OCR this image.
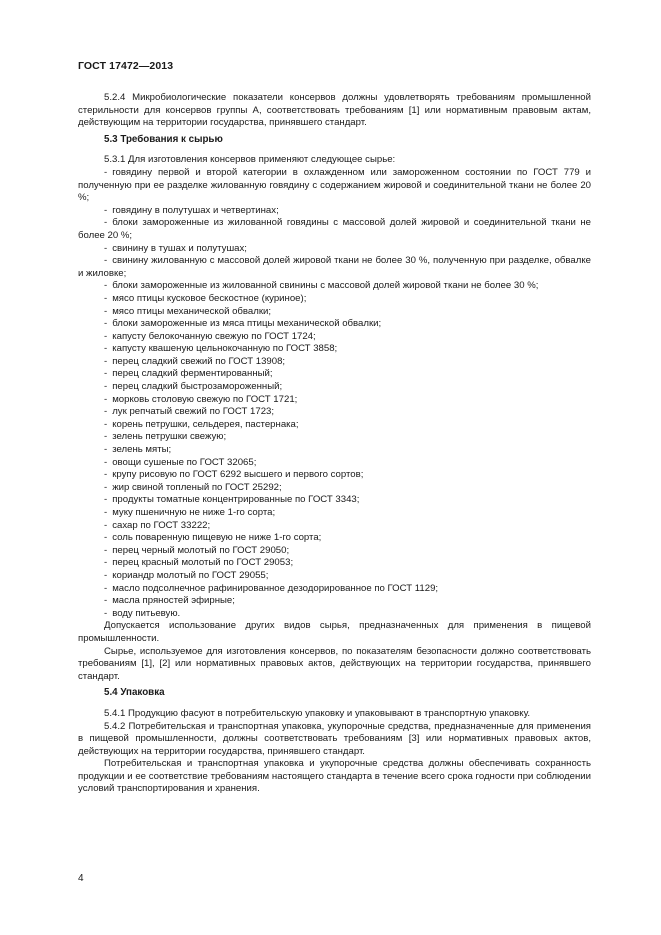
ГОСТ 17472—2013

5.2.4 Микробиологические показатели консервов должны удовлетворять требованиям промышленной стерильности для консервов группы А, соответствовать требованиям [1] или нормативным правовым актам, действующим на территории государства, принявшего стандарт.

5.3 Требования к сырью

5.3.1 Для изготовления консервов применяют следующее сырье:

- говядину первой и второй категории в охлажденном или замороженном состоянии по ГОСТ 779 и полученную при ее разделке жилованную говядину с содержанием жировой и соединительной ткани не более 20 %;

- говядину в полутушах и четвертинах;

- блоки замороженные из жилованной говядины с массовой долей жировой и соединительной ткани не более 20 %;

- свинину в тушах и полутушах;

- свинину жилованную с массовой долей жировой ткани не более 30 %, полученную при разделке, обвалке и жиловке;

- блоки замороженные из жилованной свинины с массовой долей жировой ткани не более 30 %;

- мясо птицы кусковое бескостное (куриное);

- мясо птицы механической обвалки;

- блоки замороженные из мяса птицы механической обвалки;

- капусту белокочанную свежую по ГОСТ 1724;

- капусту квашеную цельнокочанную по ГОСТ 3858;

- перец сладкий свежий по ГОСТ 13908;

- перец сладкий ферментированный;

- перец сладкий быстрозамороженный;

- морковь столовую свежую по ГОСТ 1721;

- лук репчатый свежий по ГОСТ 1723;

- корень петрушки, сельдерея, пастернака;

- зелень петрушки свежую;

- зелень мяты;

- овощи сушеные по ГОСТ 32065;

- крупу рисовую по ГОСТ 6292 высшего и первого сортов;

- жир свиной топленый по ГОСТ 25292;

- продукты томатные концентрированные по ГОСТ 3343;

- муку пшеничную не ниже 1-го сорта;

- сахар по ГОСТ 33222;

- соль поваренную пищевую не ниже 1-го сорта;

- перец черный молотый по ГОСТ 29050;

- перец красный молотый по ГОСТ 29053;

- кориандр молотый по ГОСТ 29055;

- масло подсолнечное рафинированное дезодорированное по ГОСТ 1129;

- масла пряностей эфирные;

- воду питьевую.

Допускается использование других видов сырья, предназначенных для применения в пищевой промышленности.

Сырье, используемое для изготовления консервов, по показателям безопасности должно соответствовать требованиям [1], [2] или нормативных правовых актов, действующих на территории государства, принявшего стандарт.

5.4 Упаковка

5.4.1 Продукцию фасуют в потребительскую упаковку и упаковывают в транспортную упаковку.

5.4.2 Потребительская и транспортная упаковка, укупорочные средства, предназначенные для применения в пищевой промышленности, должны соответствовать требованиям [3] или нормативных правовых актов, действующих на территории государства, принявшего стандарт.

Потребительская и транспортная упаковка и укупорочные средства должны обеспечивать сохранность продукции и ее соответствие требованиям настоящего стандарта в течение всего срока годности при соблюдении условий транспортирования и хранения.

4
